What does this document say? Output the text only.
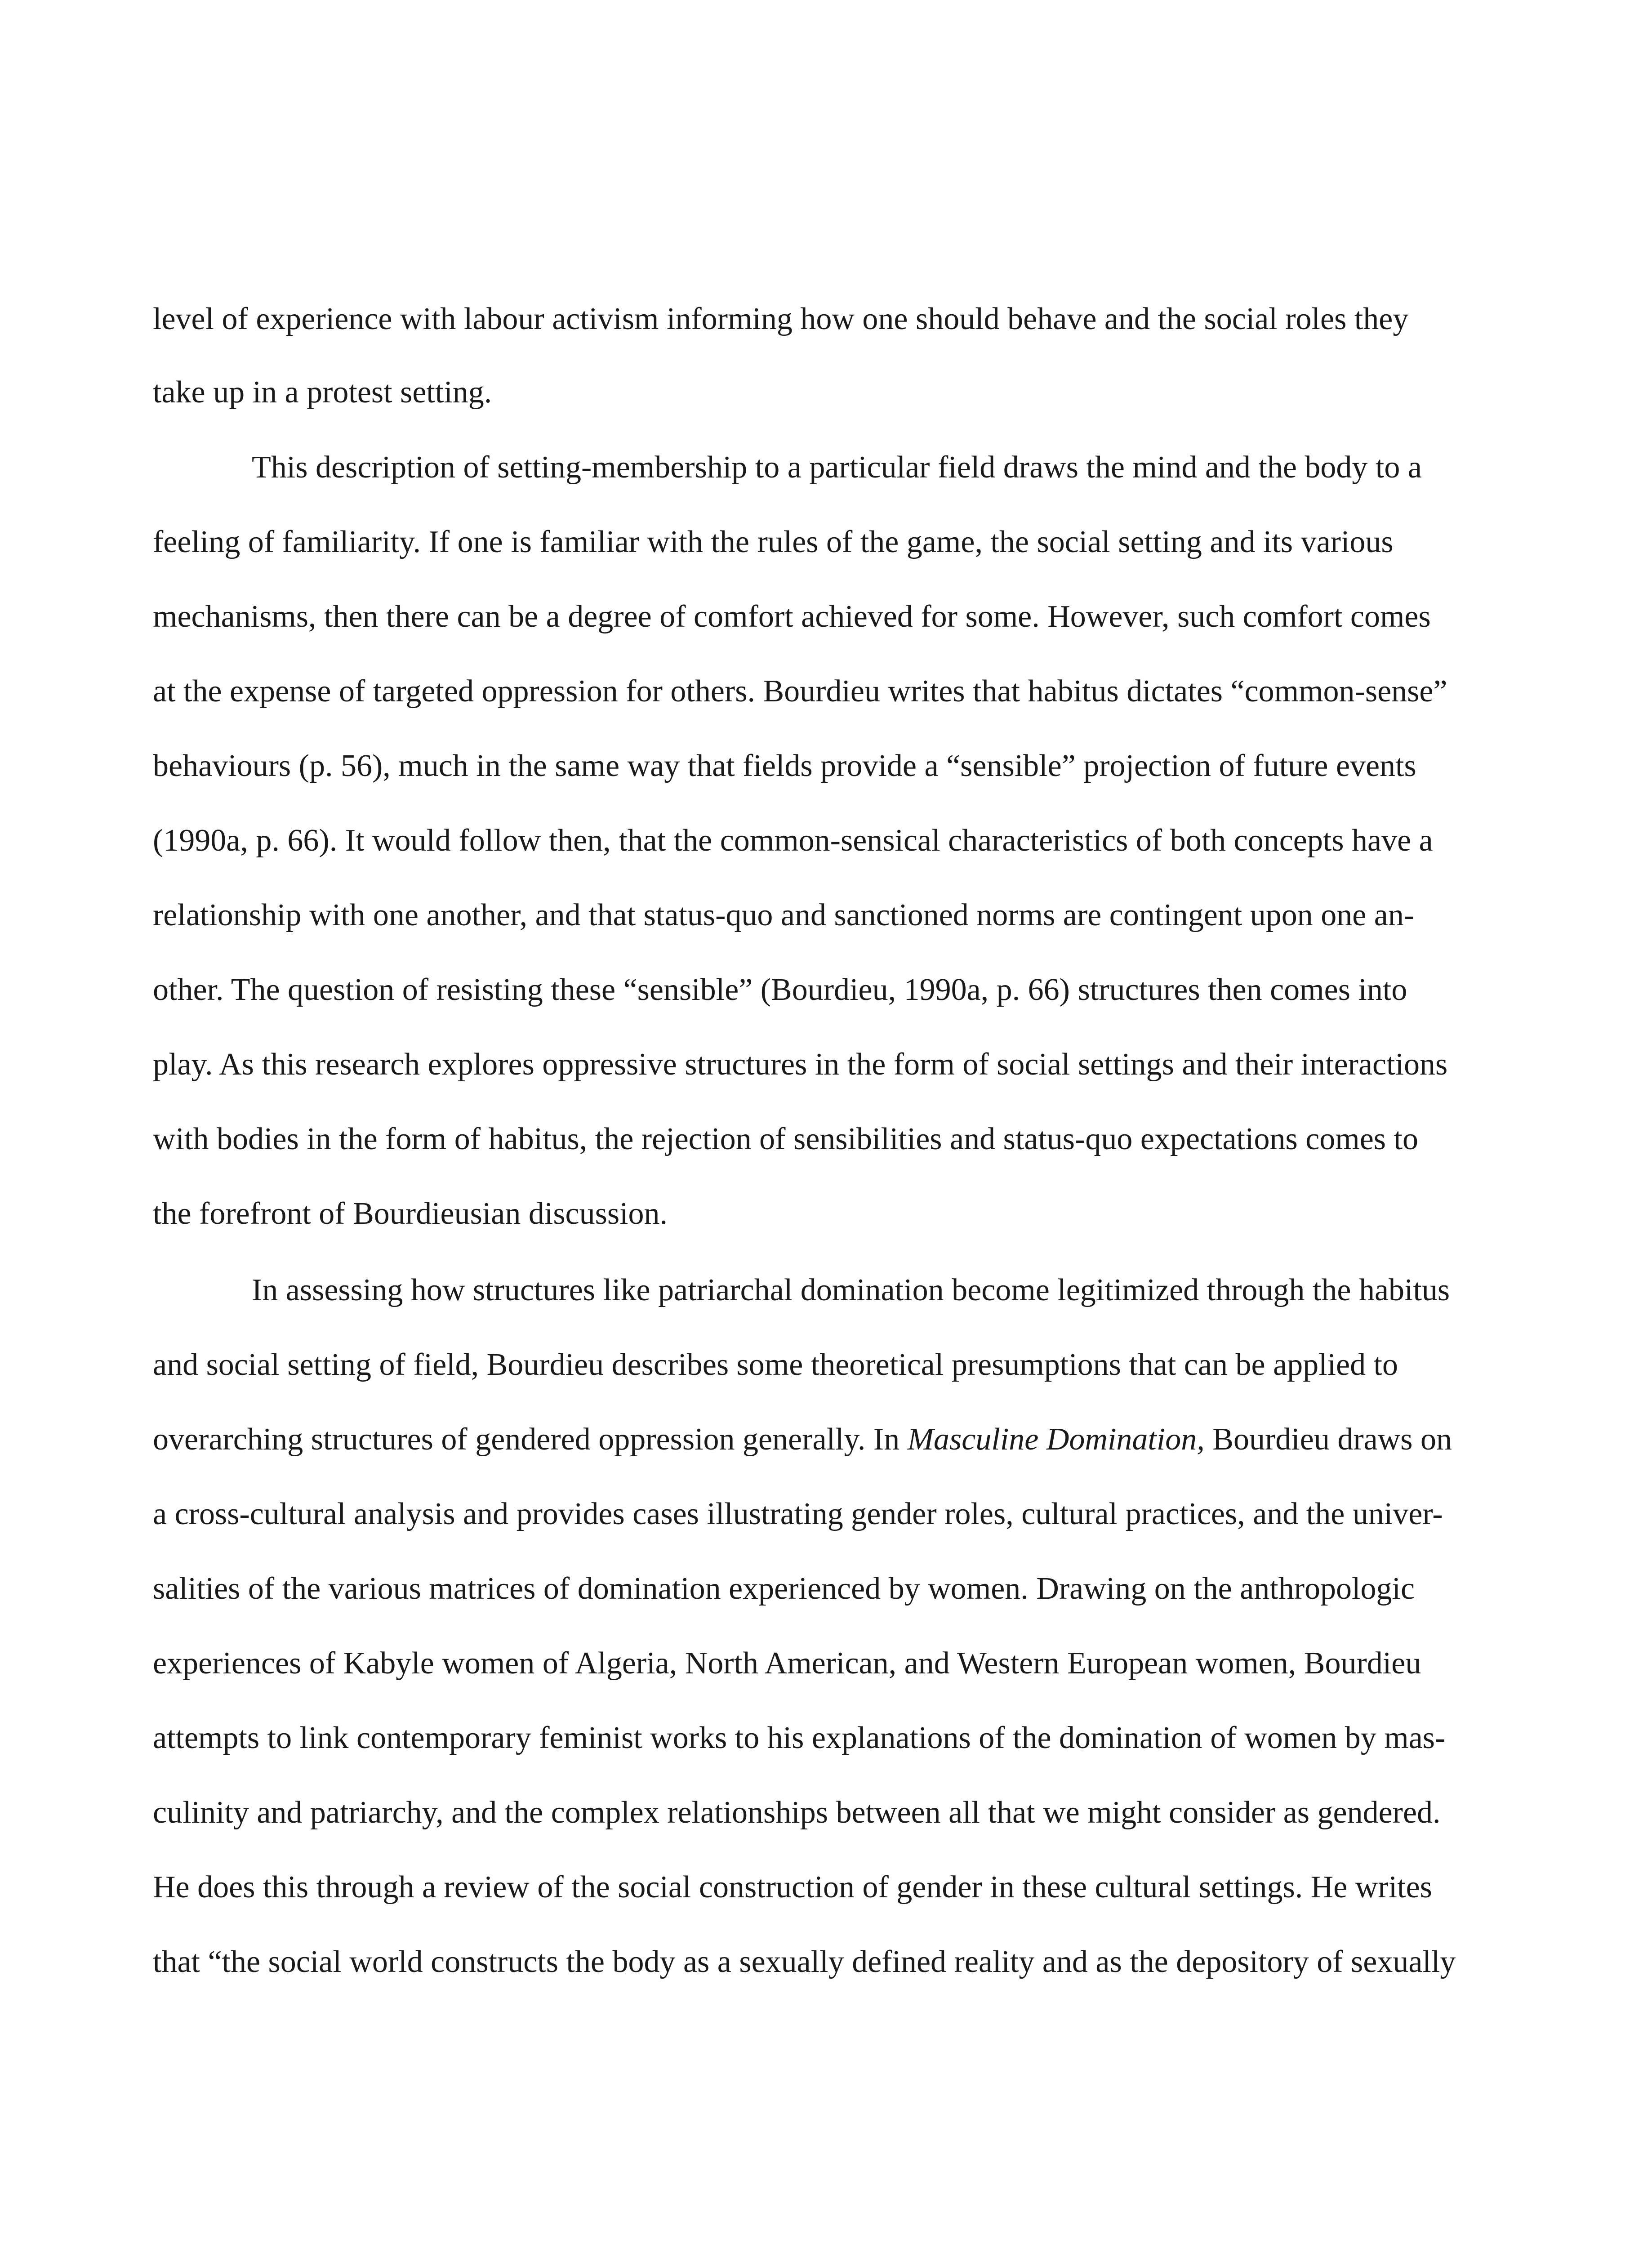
level of experience with labour activism informing how one should behave and the social roles they
take up in a protest setting.
This description of setting-membership to a particular field draws the mind and the body to a
feeling of familiarity. If one is familiar with the rules of the game, the social setting and its various
mechanisms, then there can be a degree of comfort achieved for some. However, such comfort comes
at the expense of targeted oppression for others. Bourdieu writes that habitus dictates “common-sense”
behaviours (p. 56), much in the same way that fields provide a “sensible” projection of future events
(1990a, p. 66). It would follow then, that the common-sensical characteristics of both concepts have a
relationship with one another, and that status-quo and sanctioned norms are contingent upon one an-
other. The question of resisting these “sensible” (Bourdieu, 1990a, p. 66) structures then comes into
play. As this research explores oppressive structures in the form of social settings and their interactions
with bodies in the form of habitus, the rejection of sensibilities and status-quo expectations comes to
the forefront of Bourdieusian discussion.
In assessing how structures like patriarchal domination become legitimized through the habitus
and social setting of field, Bourdieu describes some theoretical presumptions that can be applied to
overarching structures of gendered oppression generally. In Masculine Domination, Bourdieu draws on
a cross-cultural analysis and provides cases illustrating gender roles, cultural practices, and the univer-
salities of the various matrices of domination experienced by women. Drawing on the anthropologic
experiences of Kabyle women of Algeria, North American, and Western European women, Bourdieu
attempts to link contemporary feminist works to his explanations of the domination of women by mas-
culinity and patriarchy, and the complex relationships between all that we might consider as gendered.
He does this through a review of the social construction of gender in these cultural settings. He writes
that “the social world constructs the body as a sexually defined reality and as the depository of sexually
